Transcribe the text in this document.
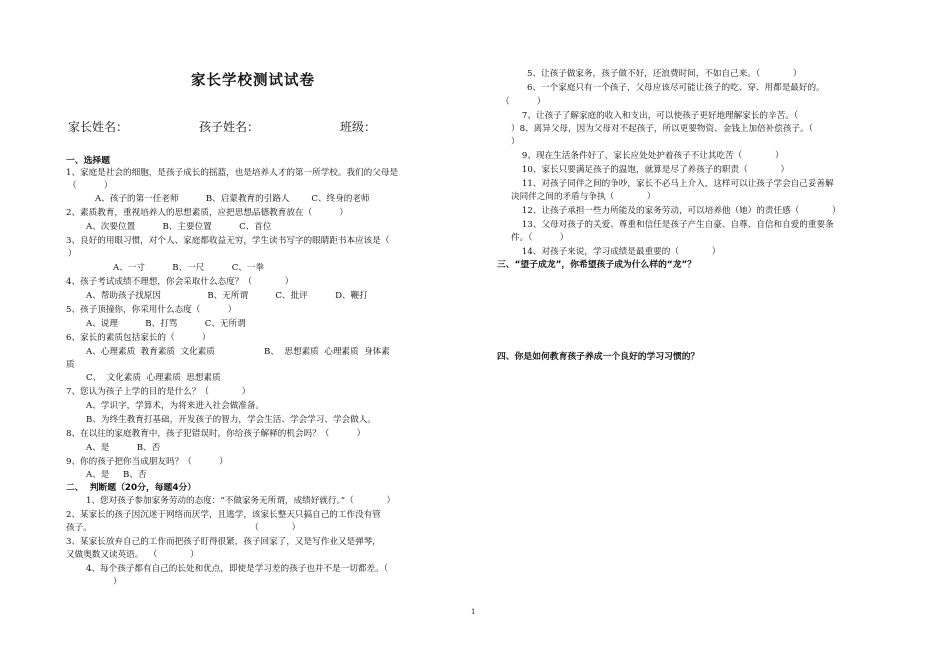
家长学校测试试卷
家长姓名：	孩子姓名：	班级：
一、选择题
1、家庭是社会的细胞，是孩子成长的摇篮，也是培养人才的第一所学校。我们的父母是
（          ）
A、孩子的第一任老师          B、启蒙教育的引路人        C、终身的老师
2、素质教育，重视培养人的思想素质，应把思想品德教育放在（          ）
A、次要位置          B、主要位置          C、首位
3、良好的用眼习惯，对个人、家庭都收益无穷，学生读书写字的眼睛距书本应该是（
）
A、一寸          B、一尺          C、一拳
4、孩子考试成绩不理想，你会采取什么态度？（            ）
A、帮助孩子找原因                 B、无所谓          C、批评          D、鞭打
5、孩子顶撞你，你采用什么态度（          ）
A、说理          B、打骂          C、无所谓
6、家长的素质包括家长的（          ）
A、心理素质  教育素质  文化素质                  B、  思想素质  心理素质  身体素
质
C、  文化素质  心理素质  思想素质
7、您认为孩子上学的目的是什么？（            ）
A、学识字，学算术，为将来进入社会做准备。
B、为终生教育打基础，开发孩子的智力，学会生活、学会学习、学会做人。
8、在以往的家庭教育中，孩子犯错误时，你给孩子解释的机会吗？（          ）
A、是          B、否
9、你的孩子把你当成朋友吗？（          ）
A、是     B、否
二、  判断题（20分，每题4分）
1、您对孩子参加家务劳动的态度：“不做家务无所谓，成绩好就行。”（            ）
2、某家长的孩子因沉迷于网络而厌学，且逃学，该家长整天只搞自己的工作没有管
孩子。                                                          （            ）
3、某家长放弃自己的工作而把孩子盯得很紧，孩子回家了，又是写作业又是弹琴，
又做奥数又读英语。  （            ）
4、每个孩子都有自己的长处和优点，即使是学习差的孩子也并不是一切都差。（
）
5、让孩子做家务，孩子做不好，还浪费时间，不如自己来。（            ）
6、一个家庭只有一个孩子，父母应该尽可能让孩子的吃、穿、用都是最好的。
（          ）
7、让孩子了解家庭的收入和支出，可以使孩子更好地理解家长的辛苦。（
）8、离异父母，因为父母对不起孩子，所以更要物资、金钱上加倍补偿孩子。（
）
9、现在生活条件好了，家长应处处护着孩子不让其吃苦（            ）
10、家长只要满足孩子的温饱，就算是尽了养孩子的职责（            ）
11、对孩子同伴之间的争吵，家长不必马上介入，这样可以让孩子学会自己妥善解
决同伴之间的矛盾与争执（            ）
12、让孩子承担一些力所能及的家务劳动，可以培养他（她）的责任感（            ）
13、父母对孩子的关爱、尊重和信任是孩子产生自豪、自尊、自信和自爱的重要条
件。（          ）
14、对孩子来说，学习成绩是最重要的（            ）
三、“望子成龙”，你希望孩子成为什么样的“龙”？
四、你是如何教育孩子养成一个良好的学习习惯的？
1
